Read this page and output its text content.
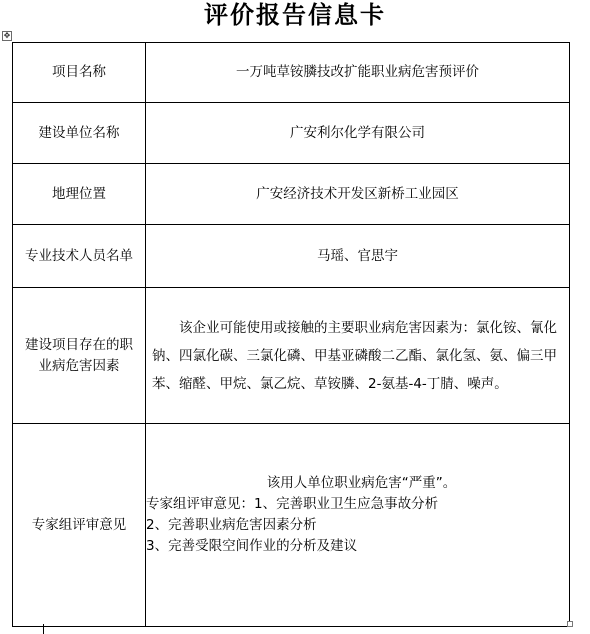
评价报告信息卡
✥
项目名称	一万吨草铵膦技改扩能职业病危害预评价
建设单位名称	广安利尔化学有限公司
地理位置	广安经济技术开发区新桥工业园区
专业技术人员名单	马瑶、官思宇

建设项目存在的职
业病危害因素	该企业可能使用或接触的主要职业病危害因素为：氯化铵、氰化钠、四氯化碳、三氯化磷、甲基亚磷酸二乙酯、氯化氢、氨、偏三甲苯、缩醛、甲烷、氯乙烷、草铵膦、2-氨基-4-丁腈、噪声。

专家组评审意见	该用人单位职业病危害“严重”。
专家组评审意见：1、完善职业卫生应急事故分析
2、完善职业病危害因素分析
3、完善受限空间作业的分析及建议
